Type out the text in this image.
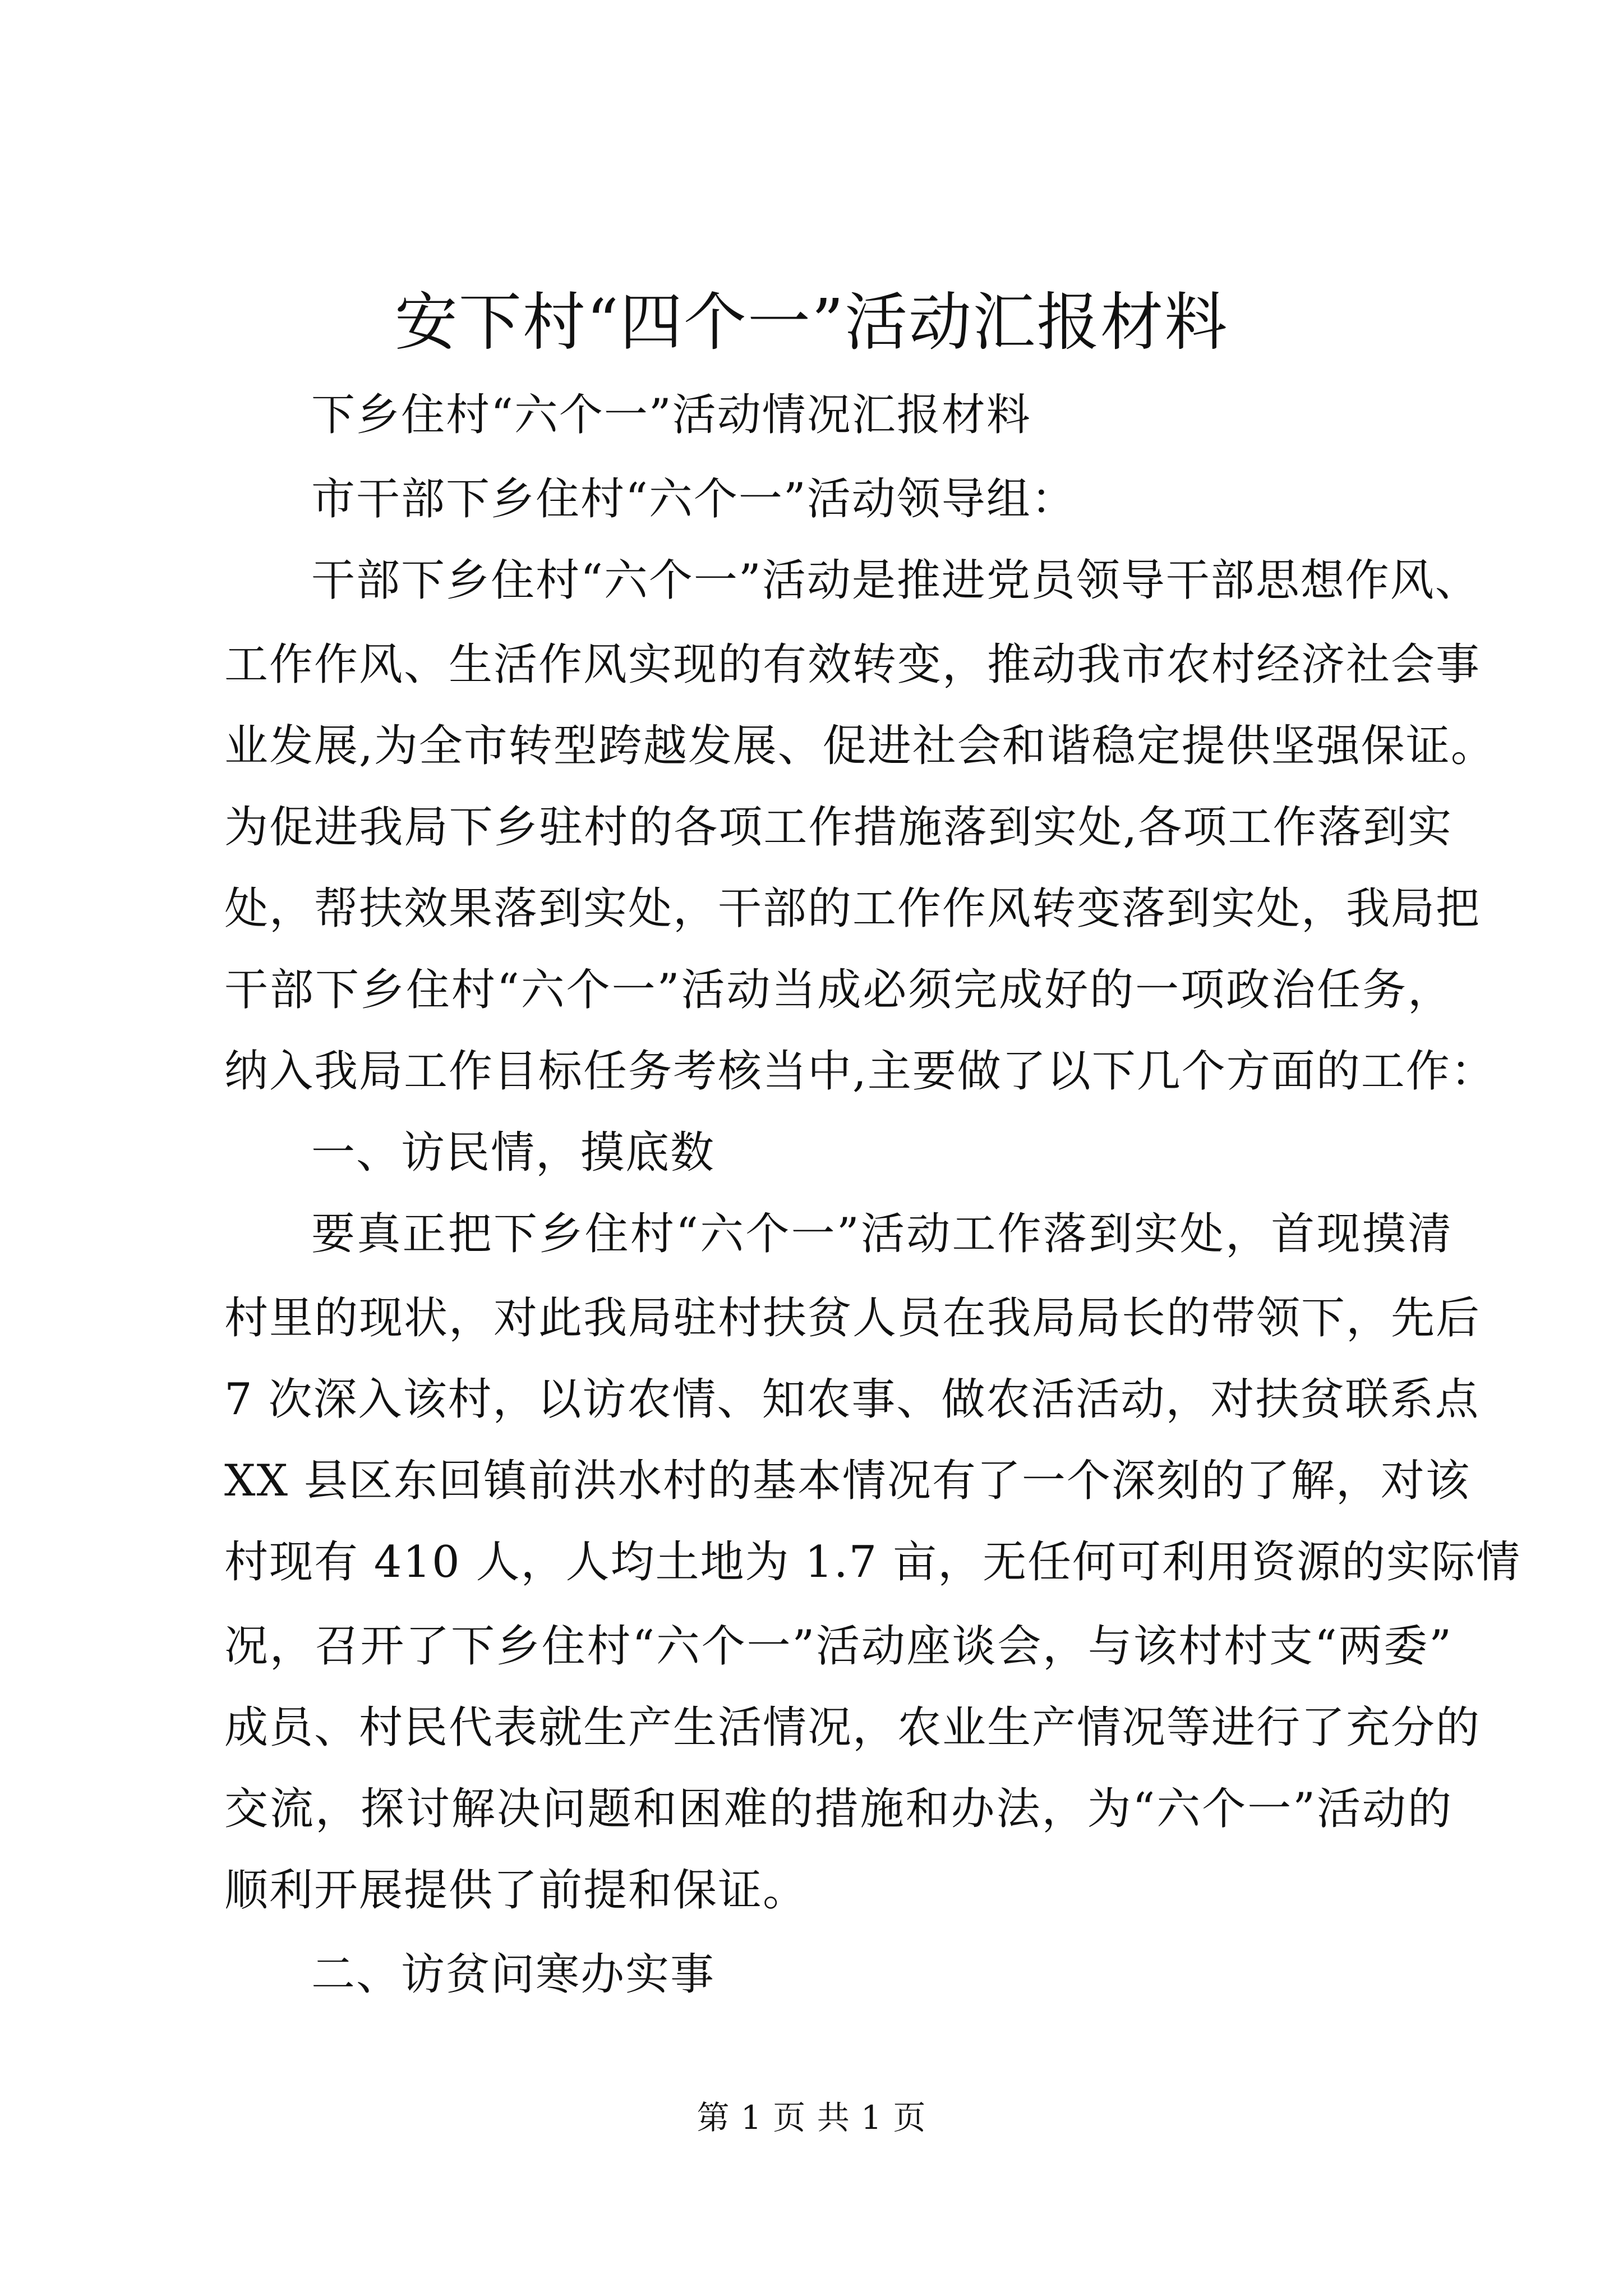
安下村“四个一”活动汇报材料
下乡住村“六个一”活动情况汇报材料
市干部下乡住村“六个一”活动领导组：
干部下乡住村“六个一”活动是推进党员领导干部思想作风、
工作作风、生活作风实现的有效转变，推动我市农村经济社会事
业发展,为全市转型跨越发展、促进社会和谐稳定提供坚强保证。
为促进我局下乡驻村的各项工作措施落到实处,各项工作落到实
处，帮扶效果落到实处，干部的工作作风转变落到实处，我局把
干部下乡住村“六个一”活动当成必须完成好的一项政治任务，
纳入我局工作目标任务考核当中,主要做了以下几个方面的工作：
一、访民情，摸底数
要真正把下乡住村“六个一”活动工作落到实处，首现摸清
村里的现状，对此我局驻村扶贫人员在我局局长的带领下，先后
7 次深入该村，以访农情、知农事、做农活活动，对扶贫联系点
XX 县区东回镇前洪水村的基本情况有了一个深刻的了解，对该
村现有 410 人，人均土地为 1.7 亩，无任何可利用资源的实际情
况，召开了下乡住村“六个一”活动座谈会，与该村村支“两委”
成员、村民代表就生产生活情况，农业生产情况等进行了充分的
交流，探讨解决问题和困难的措施和办法，为“六个一”活动的
顺利开展提供了前提和保证。
二、访贫问寒办实事
第 1 页 共 1 页
